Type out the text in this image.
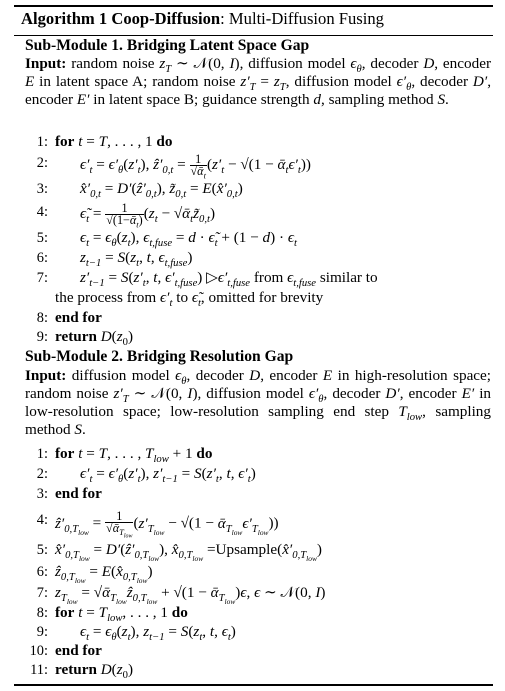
Algorithm 1 Coop-Diffusion: Multi-Diffusion Fusing
Sub-Module 1. Bridging Latent Space Gap
Input: random noise $z_T$ ∼ 𝒩(0, I), diffusion model $\epsilon_\theta$, decoder D, encoder E in latent space A; random noise $z'_T = z_T$, diffusion model $\epsilon'_\theta$, decoder D′, encoder E′ in latent space B; guidance strength d, sampling method S.
1: for t = T, . . . , 1 do
2: $\epsilon'_t = \epsilon'_\theta(z'_t)$, $ẑ'_{0,t} = \frac{1}{√ᾱ_t} (z'_t - √(1$ − $ᾱ_t\epsilon'_t$))
3: $x̂'_{0,t}$ = $D'(ẑ'_{0,t})$, $z̃_{0,t}$ = $E(x̂'_{0,t})$
4: $\epsiloñ_t = \frac{1}{√(1-ᾱ_t)} (z_t$ − $√ᾱ_tz̃_{0,t}$)
5: $\epsilon_t = \epsilon_\theta(z_t)$, $\epsilon_{t,fuse} = d$ · $\epsiloñ_t + (1 - d) \cdot \epsilon_t$
6: $z_{t-1} = S(z_t$, t, $\epsilon_{t,fuse}$)
7: $z'_{t-1} = S(z'_t$, t, $\epsilon'_{t,fuse}$) $▷\epsilon'_{t,fuse}$ from $\epsilon_{t,fuse}$ similar to
the process from $\epsilon'_t$ to $\epsiloñ_t$, omitted for brevity
8: end for
9: return $D(z_0)$
Sub-Module 2. Bridging Resolution Gap
Input: diffusion model $\epsilon_\theta$, decoder D, encoder E in high-resolution space; random noise $z'_T$ ∼ 𝒩(0, I), diffusion model $\epsilon'_\theta$, decoder D′, encoder E′ in low-resolution space; low-resolution sampling end step $T_{low}$, sampling method S.
1: for t = T, . . . , $T_{low} + 1$ do
2: $\epsilon'_t = \epsilon'_\theta(z'_t)$, $z'_{t-1} = S(z'_t$, t, $\epsilon'_t$)
3: end for
4: $ẑ'_{0,T_{low}} = \frac{1}{√ᾱ_{T_{low}}} (z'_{T_{low}} - √(1$ − $ᾱ_{T_{low}}\epsilon'_{T_{low}}$))
5: $x̂'_{0,T_{low}}$ = $D'(ẑ'_{0,T_{low}})$, $x̂_{0,T_{low}}$ $=Upsample(x̂'_{0,T_{low}})$
6: ẑ$_{0,T_{low}}$ = $E(x̂_{0,T_{low}})$
7: $z_{T_{low}}$ = √ᾱ$_{T_{low}}$ẑ$_{0,T_{low}}$ + √(1 − ᾱ$_{T_{low}}$)ϵ, ϵ ∼ 𝒩(0, I)
8: for $t = T_{low}$, . . . , 1 do
9: $\epsilon_t = \epsilon_\theta(z_t)$, $z_{t-1} = S(z_t$, t, $\epsilon_t$)
10: end for
11: return $D(z_0)$
